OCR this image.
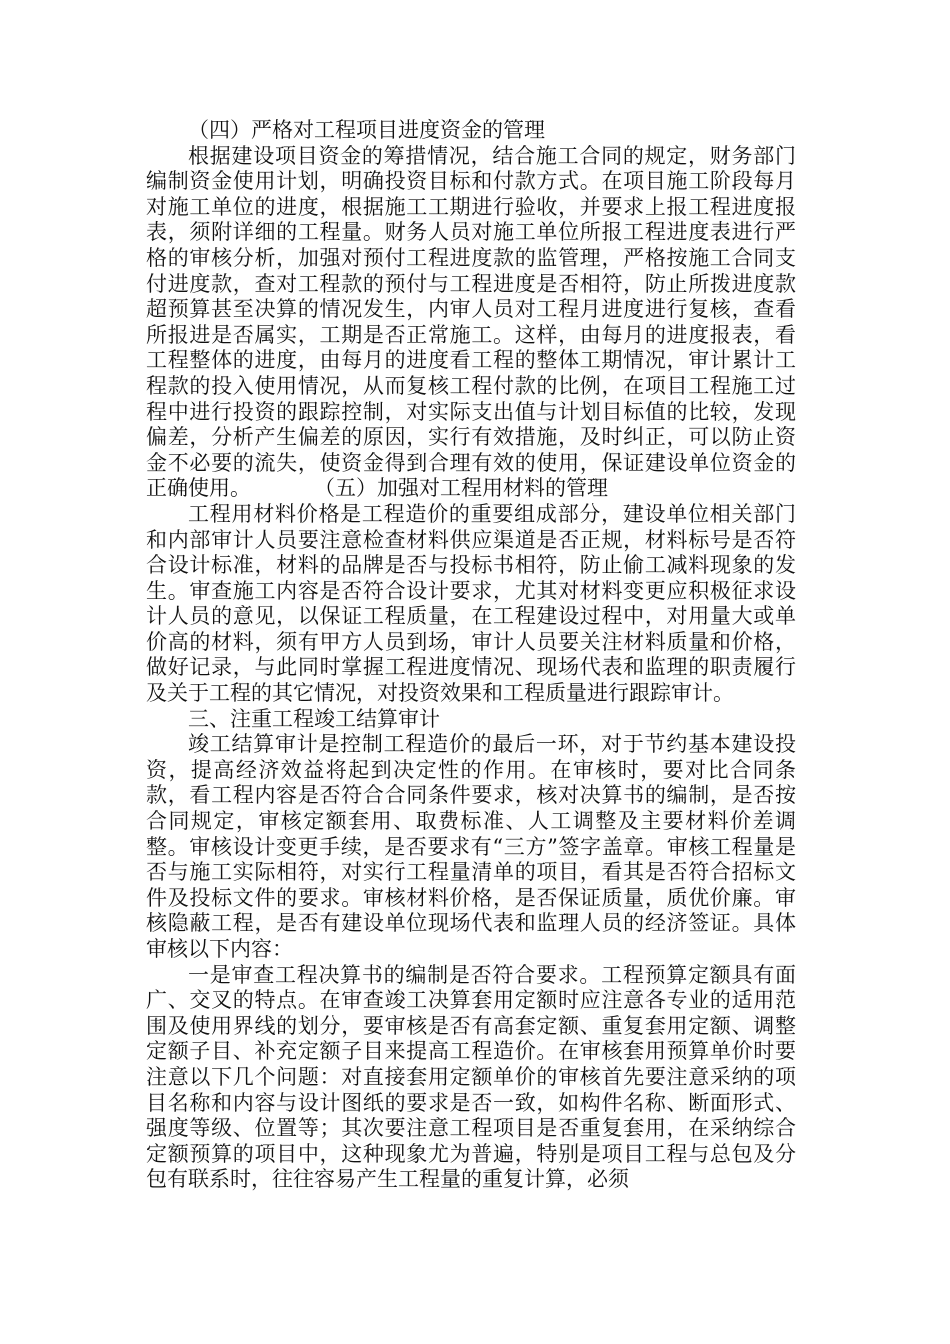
（四）严格对工程项目进度资金的管理

根据建设项目资金的筹措情况，结合施工合同的规定，财务部门编制资金使用计划，明确投资目标和付款方式。在项目施工阶段每月对施工单位的进度，根据施工工期进行验收，并要求上报工程进度报表，须附详细的工程量。财务人员对施工单位所报工程进度表进行严格的审核分析，加强对预付工程进度款的监管理，严格按施工合同支付进度款，查对工程款的预付与工程进度是否相符，防止所拨进度款超预算甚至决算的情况发生，内审人员对工程月进度进行复核，查看所报进是否属实，工期是否正常施工。这样，由每月的进度报表，看工程整体的进度，由每月的进度看工程的整体工期情况，审计累计工程款的投入使用情况，从而复核工程付款的比例，在项目工程施工过程中进行投资的跟踪控制，对实际支出值与计划目标值的比较，发现偏差，分析产生偏差的原因，实行有效措施，及时纠正，可以防止资金不必要的流失，使资金得到合理有效的使用，保证建设单位资金的正确使用。	（五）加强对工程用材料的管理

工程用材料价格是工程造价的重要组成部分，建设单位相关部门和内部审计人员要注意检查材料供应渠道是否正规，材料标号是否符合设计标准，材料的品牌是否与投标书相符，防止偷工减料现象的发生。审查施工内容是否符合设计要求，尤其对材料变更应积极征求设计人员的意见，以保证工程质量，在工程建设过程中，对用量大或单价高的材料，须有甲方人员到场，审计人员要关注材料质量和价格，做好记录，与此同时掌握工程进度情况、现场代表和监理的职责履行及关于工程的其它情况，对投资效果和工程质量进行跟踪审计。

三、注重工程竣工结算审计

竣工结算审计是控制工程造价的最后一环，对于节约基本建设投资，提高经济效益将起到决定性的作用。在审核时，要对比合同条款，看工程内容是否符合合同条件要求，核对决算书的编制，是否按合同规定，审核定额套用、取费标准、人工调整及主要材料价差调整。审核设计变更手续，是否要求有“三方”签字盖章。审核工程量是否与施工实际相符，对实行工程量清单的项目，看其是否符合招标文件及投标文件的要求。审核材料价格，是否保证质量，质优价廉。审核隐蔽工程，是否有建设单位现场代表和监理人员的经济签证。具体审核以下内容：

一是审查工程决算书的编制是否符合要求。工程预算定额具有面广、交叉的特点。在审查竣工决算套用定额时应注意各专业的适用范围及使用界线的划分，要审核是否有高套定额、重复套用定额、调整定额子目、补充定额子目来提高工程造价。在审核套用预算单价时要注意以下几个问题：对直接套用定额单价的审核首先要注意采纳的项目名称和内容与设计图纸的要求是否一致，如构件名称、断面形式、强度等级、位置等；其次要注意工程项目是否重复套用，在采纳综合定额预算的项目中，这种现象尤为普遍，特别是项目工程与总包及分包有联系时，往往容易产生工程量的重复计算，必须
